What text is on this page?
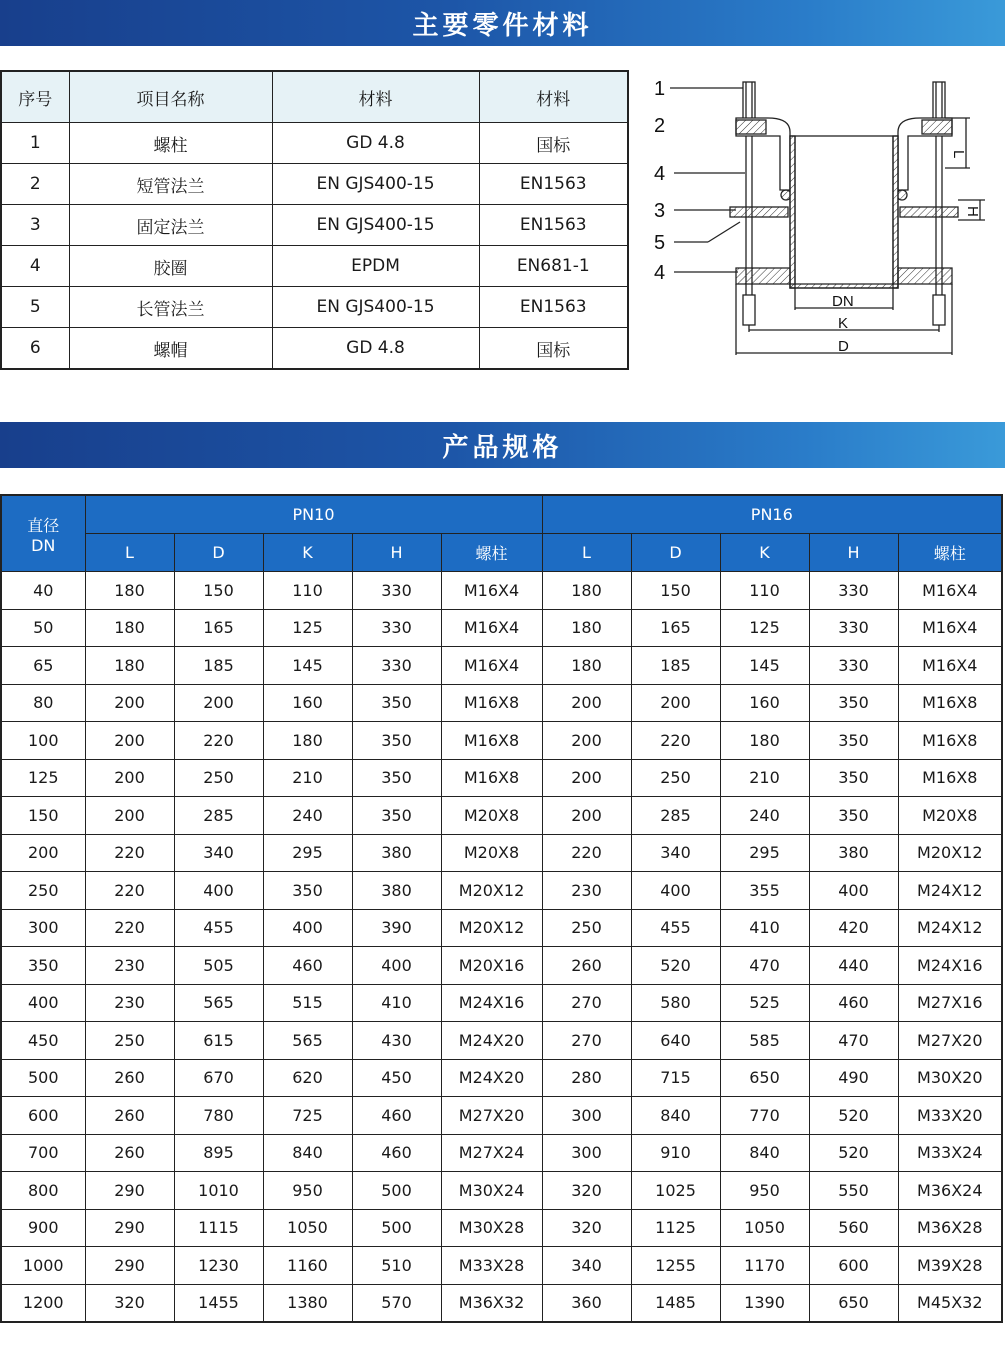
主要零件材料
序号	项目名称	材料	材料
1	螺柱	GD 4.8	国标
2	短管法兰	EN GJS400-15	EN1563
3	固定法兰	EN GJS400-15	EN1563
4	胶圈	EPDM	EN681-1
5	长管法兰	EN GJS400-15	EN1563
6	螺帽	GD 4.8	国标
1
2
4
3
5
4
L
H
DN
K
D
产品规格
直径
DN	PN10					PN16				
	L	D	K	H	螺柱	L	D	K	H	螺柱
40	180	150	110	330	M16X4	180	150	110	330	M16X4
50	180	165	125	330	M16X4	180	165	125	330	M16X4
65	180	185	145	330	M16X4	180	185	145	330	M16X4
80	200	200	160	350	M16X8	200	200	160	350	M16X8
100	200	220	180	350	M16X8	200	220	180	350	M16X8
125	200	250	210	350	M16X8	200	250	210	350	M16X8
150	200	285	240	350	M20X8	200	285	240	350	M20X8
200	220	340	295	380	M20X8	220	340	295	380	M20X12
250	220	400	350	380	M20X12	230	400	355	400	M24X12
300	220	455	400	390	M20X12	250	455	410	420	M24X12
350	230	505	460	400	M20X16	260	520	470	440	M24X16
400	230	565	515	410	M24X16	270	580	525	460	M27X16
450	250	615	565	430	M24X20	270	640	585	470	M27X20
500	260	670	620	450	M24X20	280	715	650	490	M30X20
600	260	780	725	460	M27X20	300	840	770	520	M33X20
700	260	895	840	460	M27X24	300	910	840	520	M33X24
800	290	1010	950	500	M30X24	320	1025	950	550	M36X24
900	290	1115	1050	500	M30X28	320	1125	1050	560	M36X28
1000	290	1230	1160	510	M33X28	340	1255	1170	600	M39X28
1200	320	1455	1380	570	M36X32	360	1485	1390	650	M45X32
